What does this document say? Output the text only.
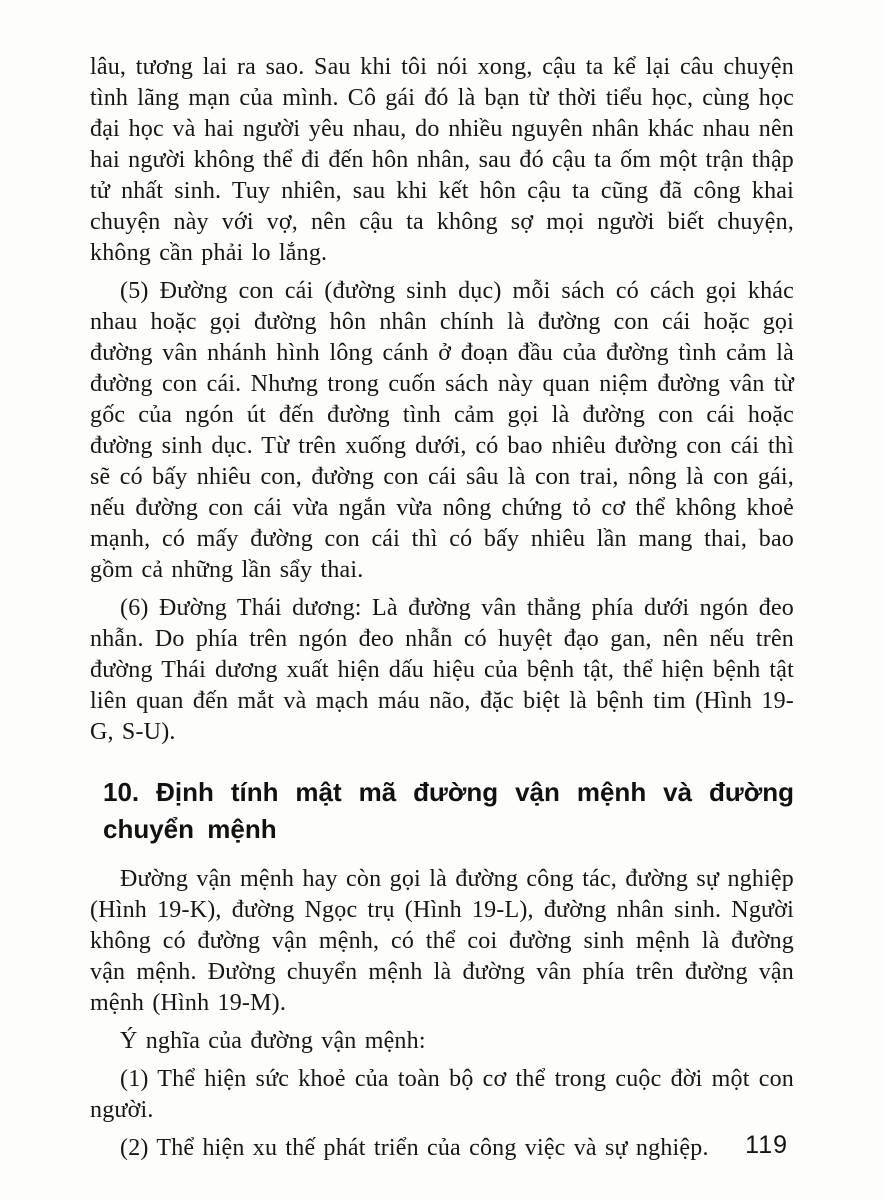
lâu, tương lai ra sao. Sau khi tôi nói xong, cậu ta kể lại câu chuyện tình lãng mạn của mình. Cô gái đó là bạn từ thời tiểu học, cùng học đại học và hai người yêu nhau, do nhiều nguyên nhân khác nhau nên hai người không thể đi đến hôn nhân, sau đó cậu ta ốm một trận thập tử nhất sinh. Tuy nhiên, sau khi kết hôn cậu ta cũng đã công khai chuyện này với vợ, nên cậu ta không sợ mọi người biết chuyện, không cần phải lo lắng.

(5) Đường con cái (đường sinh dục) mỗi sách có cách gọi khác nhau hoặc gọi đường hôn nhân chính là đường con cái hoặc gọi đường vân nhánh hình lông cánh ở đoạn đầu của đường tình cảm là đường con cái. Nhưng trong cuốn sách này quan niệm đường vân từ gốc của ngón út đến đường tình cảm gọi là đường con cái hoặc đường sinh dục. Từ trên xuống dưới, có bao nhiêu đường con cái thì sẽ có bấy nhiêu con, đường con cái sâu là con trai, nông là con gái, nếu đường con cái vừa ngắn vừa nông chứng tỏ cơ thể không khoẻ mạnh, có mấy đường con cái thì có bấy nhiêu lần mang thai, bao gồm cả những lần sẩy thai.

(6) Đường Thái dương: Là đường vân thẳng phía dưới ngón đeo nhẫn. Do phía trên ngón đeo nhẫn có huyệt đạo gan, nên nếu trên đường Thái dương xuất hiện dấu hiệu của bệnh tật, thể hiện bệnh tật liên quan đến mắt và mạch máu não, đặc biệt là bệnh tim (Hình 19-G, S-U).

10. Định tính mật mã đường vận mệnh và đường chuyển mệnh

Đường vận mệnh hay còn gọi là đường công tác, đường sự nghiệp (Hình 19-K), đường Ngọc trụ (Hình 19-L), đường nhân sinh. Người không có đường vận mệnh, có thể coi đường sinh mệnh là đường vận mệnh. Đường chuyển mệnh là đường vân phía trên đường vận mệnh (Hình 19-M).

Ý nghĩa của đường vận mệnh:

(1) Thể hiện sức khoẻ của toàn bộ cơ thể trong cuộc đời một con người.

(2) Thể hiện xu thế phát triển của công việc và sự nghiệp.	119
